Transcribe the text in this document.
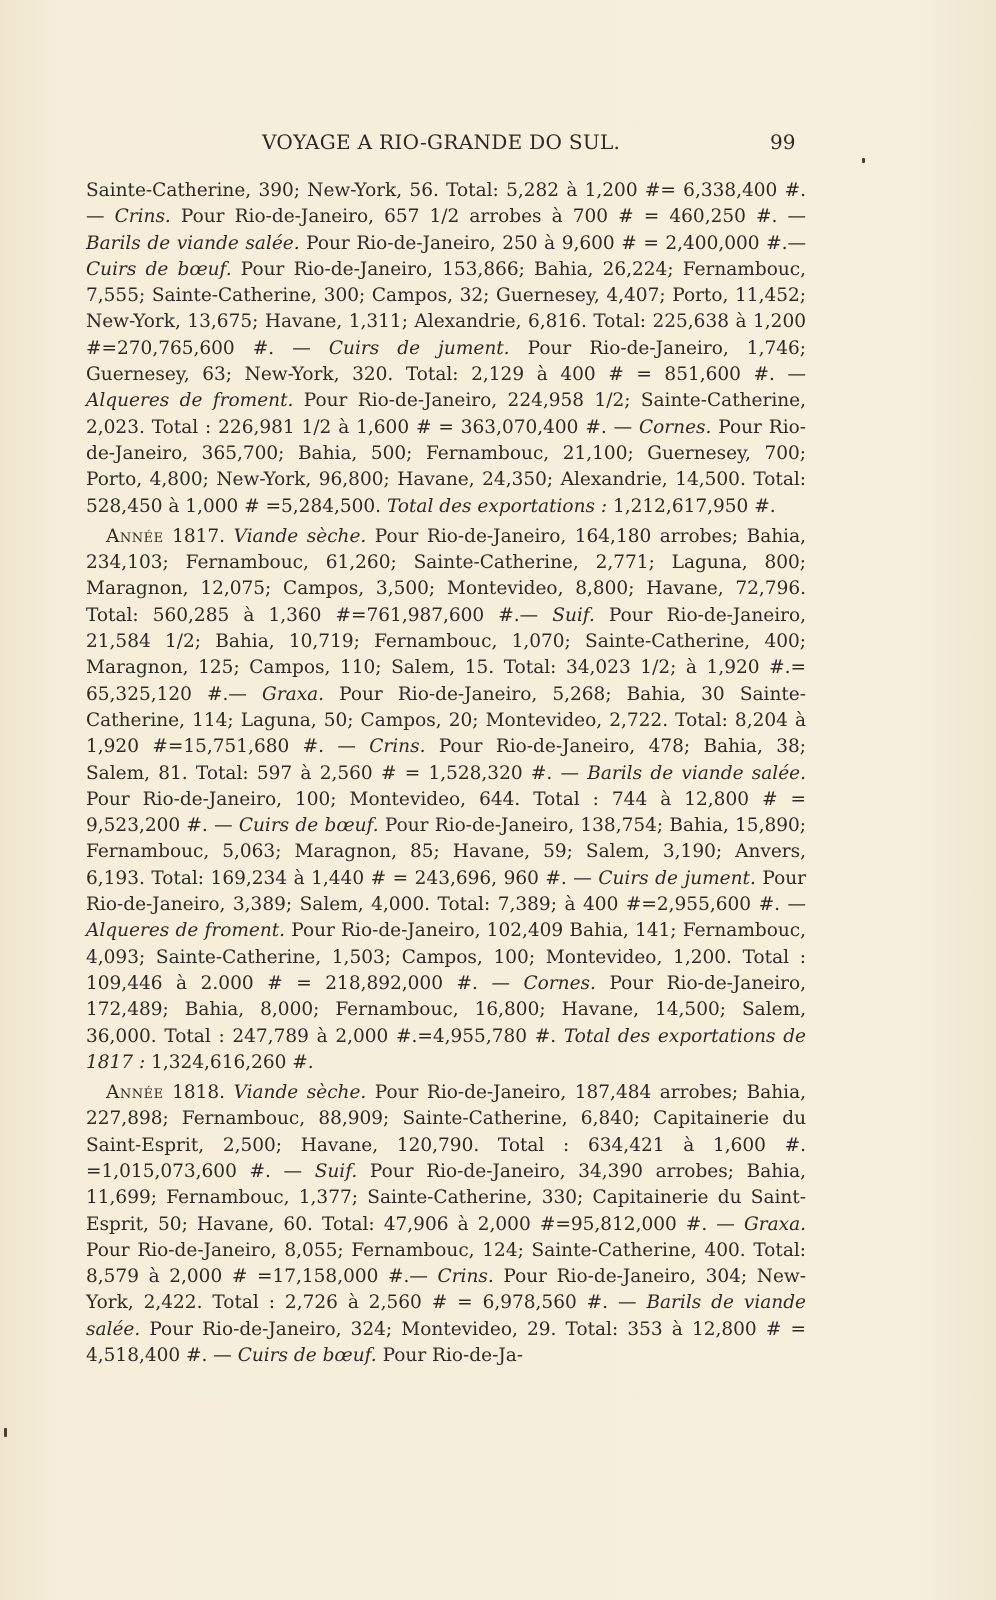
VOYAGE A RIO-GRANDE DO SUL.	99

Sainte-Catherine, 390; New-York, 56. Total: 5,282 à 1,200 #= 6,338,400 #. — Crins. Pour Rio-de-Janeiro, 657 1/2 arrobes à 700 # = 460,250 #. — Barils de viande salée. Pour Rio-de-Janeiro, 250 à 9,600 # = 2,400,000 #.— Cuirs de bœuf. Pour Rio-de-Janeiro, 153,866; Bahia, 26,224; Fernambouc, 7,555; Sainte-Catherine, 300; Campos, 32; Guernesey, 4,407; Porto, 11,452; New-York, 13,675; Havane, 1,311; Alexandrie, 6,816. Total: 225,638 à 1,200 #=270,765,600 #. — Cuirs de jument. Pour Rio-de-Janeiro, 1,746; Guernesey, 63; New-York, 320. Total: 2,129 à 400 # = 851,600 #. — Alqueres de froment. Pour Rio-de-Janeiro, 224,958 1/2; Sainte-Catherine, 2,023. Total : 226,981 1/2 à 1,600 # = 363,070,400 #. — Cornes. Pour Rio-de-Janeiro, 365,700; Bahia, 500; Fernambouc, 21,100; Guernesey, 700; Porto, 4,800; New-York, 96,800; Havane, 24,350; Alexandrie, 14,500. Total: 528,450 à 1,000 # =5,284,500. Total des exportations : 1,212,617,950 #.

Année 1817. Viande sèche. Pour Rio-de-Janeiro, 164,180 arrobes; Bahia, 234,103; Fernambouc, 61,260; Sainte-Catherine, 2,771; Laguna, 800; Maragnon, 12,075; Campos, 3,500; Montevideo, 8,800; Havane, 72,796. Total: 560,285 à 1,360 #=761,987,600 #.— Suif. Pour Rio-de-Janeiro, 21,584 1/2; Bahia, 10,719; Fernambouc, 1,070; Sainte-Catherine, 400; Maragnon, 125; Campos, 110; Salem, 15. Total: 34,023 1/2; à 1,920 #.= 65,325,120 #.— Graxa. Pour Rio-de-Janeiro, 5,268; Bahia, 30 Sainte-Catherine, 114; Laguna, 50; Campos, 20; Montevideo, 2,722. Total: 8,204 à 1,920 #=15,751,680 #. — Crins. Pour Rio-de-Janeiro, 478; Bahia, 38; Salem, 81. Total: 597 à 2,560 # = 1,528,320 #. — Barils de viande salée. Pour Rio-de-Janeiro, 100; Montevideo, 644. Total : 744 à 12,800 # = 9,523,200 #. — Cuirs de bœuf. Pour Rio-de-Janeiro, 138,754; Bahia, 15,890; Fernambouc, 5,063; Maragnon, 85; Havane, 59; Salem, 3,190; Anvers, 6,193. Total: 169,234 à 1,440 # = 243,696, 960 #. — Cuirs de jument. Pour Rio-de-Janeiro, 3,389; Salem, 4,000. Total: 7,389; à 400 #=2,955,600 #. — Alqueres de froment. Pour Rio-de-Janeiro, 102,409 Bahia, 141; Fernambouc, 4,093; Sainte-Catherine, 1,503; Campos, 100; Montevideo, 1,200. Total : 109,446 à 2.000 # = 218,892,000 #. — Cornes. Pour Rio-de-Janeiro, 172,489; Bahia, 8,000; Fernambouc, 16,800; Havane, 14,500; Salem, 36,000. Total : 247,789 à 2,000 #.=4,955,780 #. Total des exportations de 1817 : 1,324,616,260 #.

Année 1818. Viande sèche. Pour Rio-de-Janeiro, 187,484 arrobes; Bahia, 227,898; Fernambouc, 88,909; Sainte-Catherine, 6,840; Capitainerie du Saint-Esprit, 2,500; Havane, 120,790. Total : 634,421 à 1,600 #. =1,015,073,600 #. — Suif. Pour Rio-de-Janeiro, 34,390 arrobes; Bahia, 11,699; Fernambouc, 1,377; Sainte-Catherine, 330; Capitainerie du Saint-Esprit, 50; Havane, 60. Total: 47,906 à 2,000 #=95,812,000 #. — Graxa. Pour Rio-de-Janeiro, 8,055; Fernambouc, 124; Sainte-Catherine, 400. Total: 8,579 à 2,000 # =17,158,000 #.— Crins. Pour Rio-de-Janeiro, 304; New-York, 2,422. Total : 2,726 à 2,560 # = 6,978,560 #. — Barils de viande salée. Pour Rio-de-Janeiro, 324; Montevideo, 29. Total: 353 à 12,800 # = 4,518,400 #. — Cuirs de bœuf. Pour Rio-de-Ja-
